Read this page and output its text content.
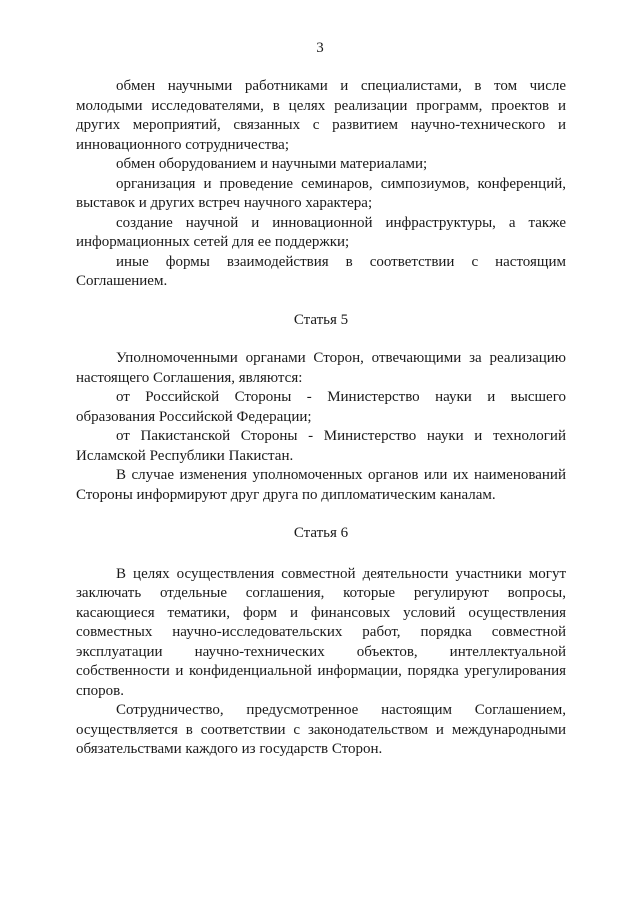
3

обмен научными работниками и специалистами, в том числе молодыми исследователями, в целях реализации программ, проектов и других мероприятий, связанных с развитием научно-технического и инновационного сотрудничества;

обмен оборудованием и научными материалами;

организация и проведение семинаров, симпозиумов, конференций, выставок и других встреч научного характера;

создание научной и инновационной инфраструктуры, а также информационных сетей для ее поддержки;

иные формы взаимодействия в соответствии с настоящим Соглашением.

Статья 5

Уполномоченными органами Сторон, отвечающими за реализацию настоящего Соглашения, являются:

от Российской Стороны - Министерство науки и высшего образования Российской Федерации;

от Пакистанской Стороны - Министерство науки и технологий Исламской Республики Пакистан.

В случае изменения уполномоченных органов или их наименований Стороны информируют друг друга по дипломатическим каналам.

Статья 6

В целях осуществления совместной деятельности участники могут заключать отдельные соглашения, которые регулируют вопросы, касающиеся тематики, форм и финансовых условий осуществления совместных научно-исследовательских работ, порядка совместной эксплуатации научно-технических объектов, интеллектуальной собственности и конфиденциальной информации, порядка урегулирования споров.

Сотрудничество, предусмотренное настоящим Соглашением, осуществляется в соответствии с законодательством и международными обязательствами каждого из государств Сторон.
